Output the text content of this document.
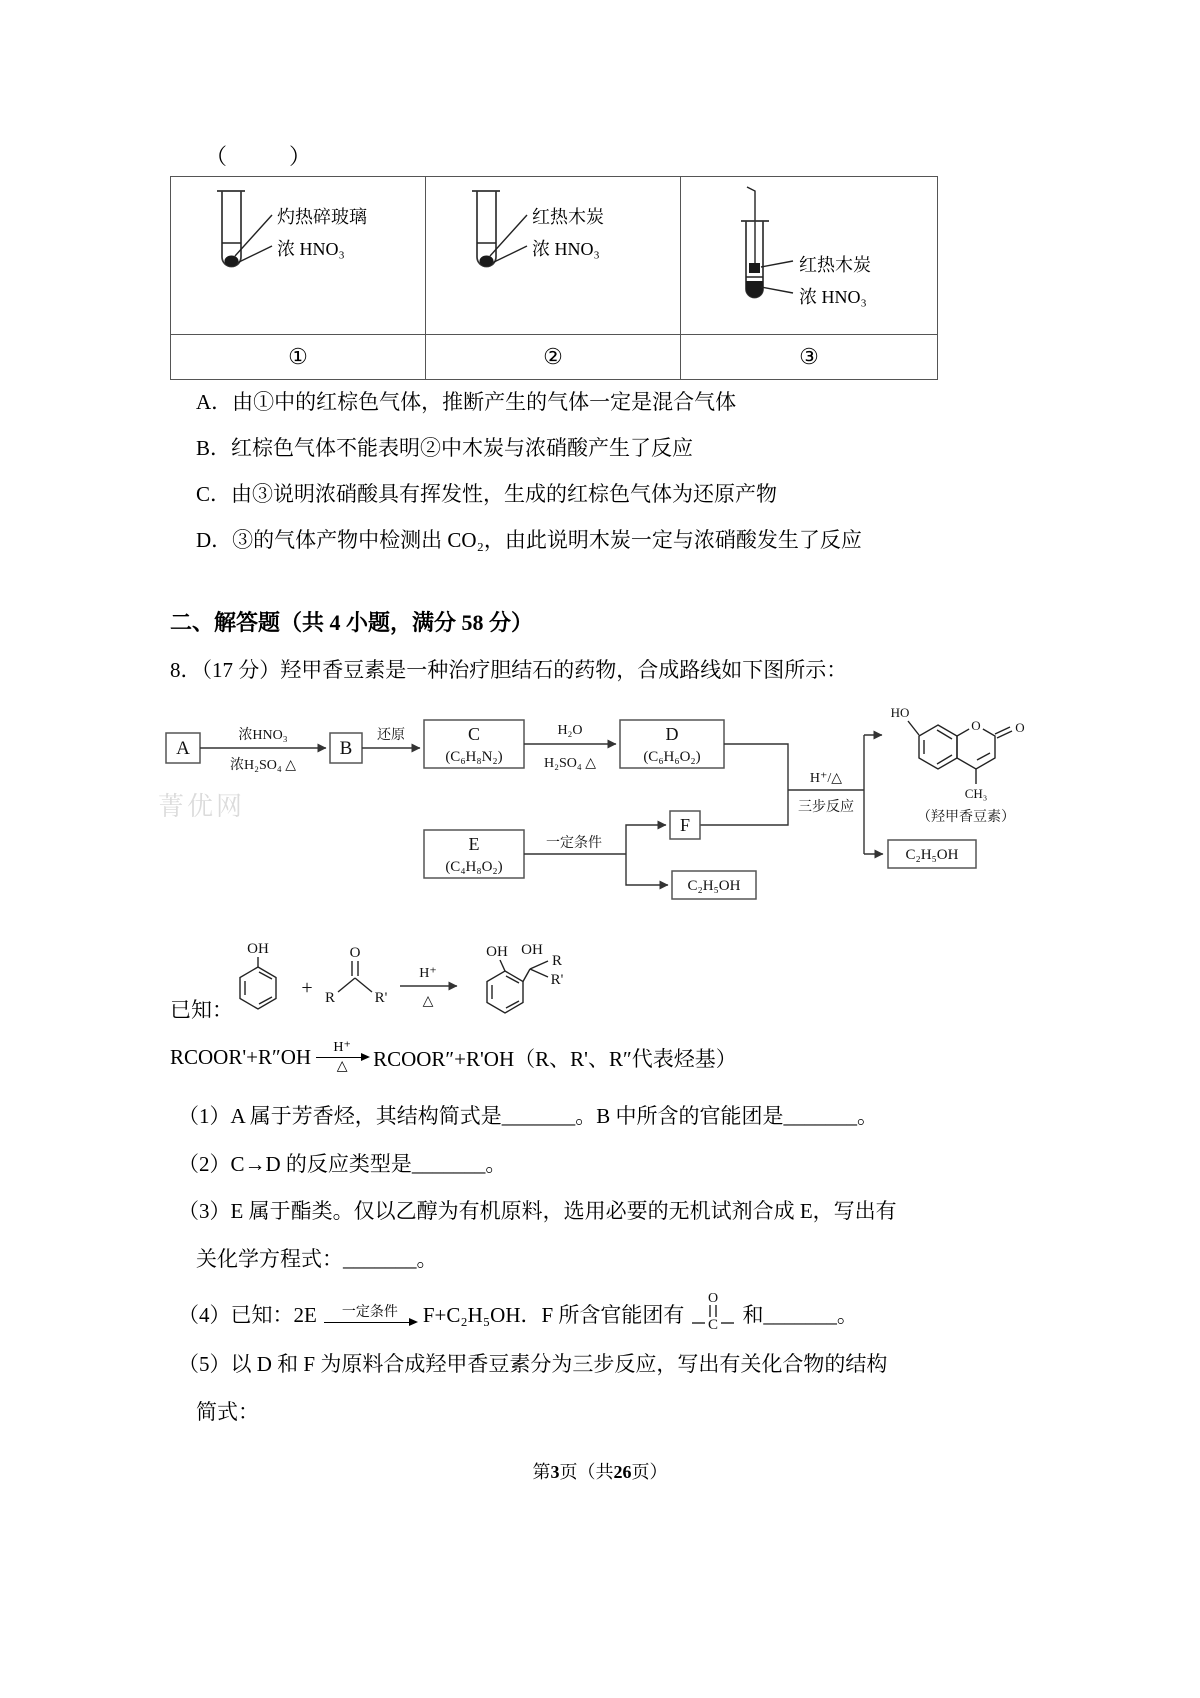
（　　）
菁优网
灼热碎玻璃
浓 HNO₃
红热木炭
浓 HNO₃
红热木炭
浓 HNO₃
①	②	③
A． 由①中的红棕色气体，推断产生的气体一定是混合气体
B． 红棕色气体不能表明②中木炭与浓硝酸产生了反应
C． 由③说明浓硝酸具有挥发性，生成的红棕色气体为还原产物
D． ③的气体产物中检测出 CO₂，由此说明木炭一定与浓硝酸发生了反应
二、解答题（共 4 小题，满分 58 分）
8．（17 分）羟甲香豆素是一种治疗胆结石的药物，合成路线如下图所示：
A
浓HNO₃
浓H₂SO₄ △
B
还原	C
(C₆H₈N₂)
H₂O
H₂SO₄ △
D
(C₆H₆O₂)
H⁺/△
三步反应
E
(C₄H₈O₂)
一定条件
F
C₂H₅OH
C₂H₅OH
O	O
HO
CH₃
（羟甲香豆素）
OH
+
O
R	R'
H⁺
△
OH OH
R
R'
已知：
RCOOR'+R″OH H⁺
△ RCOOR″+R'OH（R、R'、R″代表烃基）
（1）A 属于芳香烃，其结构简式是_______。B 中所含的官能团是_______。
（2）C→D 的反应类型是_______。
（3）E 属于酯类。仅以乙醇为有机原料，选用必要的无机试剂合成 E，写出有
关化学方程式：_______。
（4）已知：2E 一定条件 F+C₂H₅OH．F 所含官能团有
O
C 和_______。
（5）以 D 和 F 为原料合成羟甲香豆素分为三步反应，写出有关化合物的结构
简式：
第3页（共26页）
